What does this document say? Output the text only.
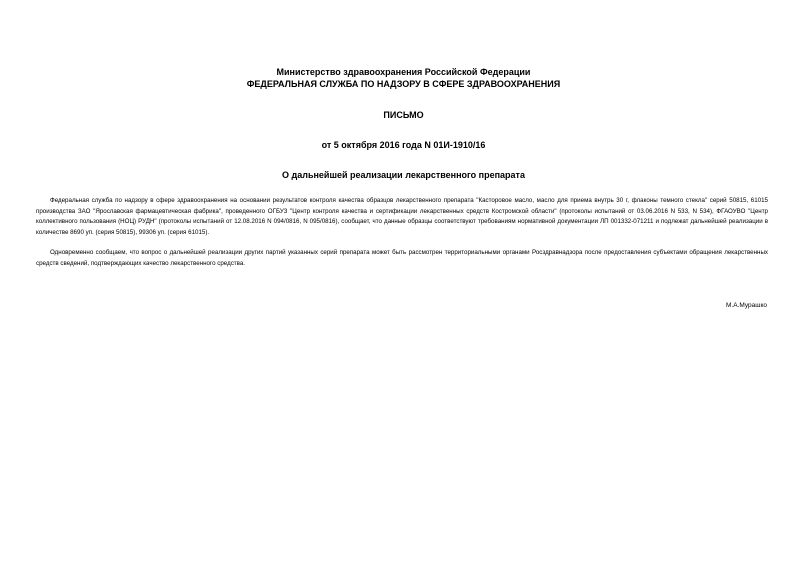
Министерство здравоохранения Российской Федерации
ФЕДЕРАЛЬНАЯ СЛУЖБА ПО НАДЗОРУ В СФЕРЕ ЗДРАВООХРАНЕНИЯ
ПИСЬМО
от 5 октября 2016 года N 01И-1910/16
О дальнейшей реализации лекарственного препарата
Федеральная служба по надзору в сфере здравоохранения на основании результатов контроля качества образцов лекарственного препарата "Касторовое масло, масло для приема внутрь 30 г, флаконы темного стекла" серий 50815, 61015 производства ЗАО "Ярославская фармацевтическая фабрика", проведенного ОГБУЗ "Центр контроля качества и сертификации лекарственных средств Костромской области" (протоколы испытаний от 03.06.2016 N 533, N 534), ФГАОУВО "Центр коллективного пользования (НОЦ) РУДН" (протоколы испытаний от 12.08.2016 N 094/0816, N 095/0816), сообщает, что данные образцы соответствуют требованиям нормативной документации ЛП 001332-071211 и подлежат дальнейшей реализации в количестве 8690 уп. (серия 50815), 99306 уп. (серия 61015).
Одновременно сообщаем, что вопрос о дальнейшей реализации других партий указанных серий препарата может быть рассмотрен территориальными органами Росздравнадзора после предоставления субъектами обращения лекарственных средств сведений, подтверждающих качество лекарственного средства.
М.А.Мурашко
